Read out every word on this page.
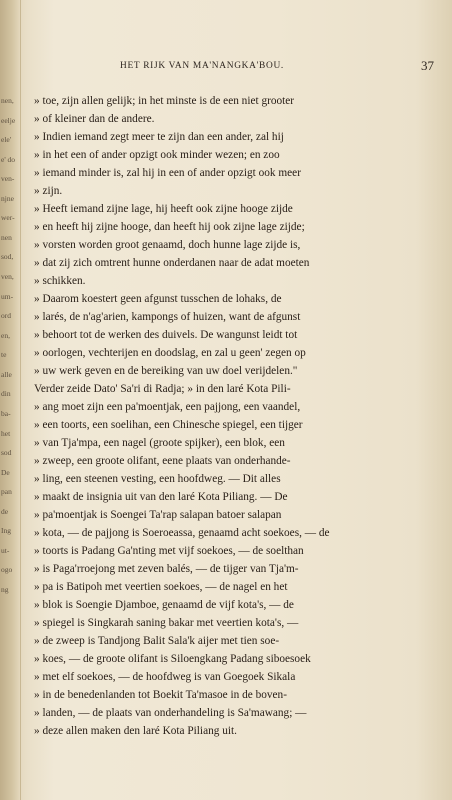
nen,
eelje
ele'
e' do
ven-
njne
wer-
nen
sod,
ven,
um-
ord
en,
te
alle
din
ba-
het
sod
De
pan
de
Ing
ut-
ogo
ng
HET RIJK VAN MA'NANGKA'BOU.	37
» toe, zijn allen gelijk; in het minste is de een niet grooter
» of kleiner dan de andere.
» Indien iemand zegt meer te zijn dan een ander, zal hij
» in het een of ander opzigt ook minder wezen; en zoo
» iemand minder is, zal hij in een of ander opzigt ook meer
» zijn.
» Heeft iemand zijne lage, hij heeft ook zijne hooge zijde
» en heeft hij zijne hooge, dan heeft hij ook zijne lage zijde;
» vorsten worden groot genaamd, doch hunne lage zijde is,
» dat zij zich omtrent hunne onderdanen naar de adat moeten
» schikken.
» Daarom koestert geen afgunst tusschen de lohaks, de
» larés, de n'ag'arien, kampongs of huizen, want de afgunst
» behoort tot de werken des duivels. De wangunst leidt tot
» oorlogen, vechterijen en doodslag, en zal u geen' zegen op
» uw werk geven en de bereiking van uw doel verijdelen."
Verder zeide Dato' Sa'ri di Radja; » in den laré Kota Pili-
» ang moet zijn een pa'moentjak, een pajjong, een vaandel,
» een toorts, een soelihan, een Chinesche spiegel, een tijger
» van Tja'mpa, een nagel (groote spijker), een blok, een
» zweep, een groote olifant, eene plaats van onderhande-
» ling, een steenen vesting, een hoofdweg. — Dit alles
» maakt de insignia uit van den laré Kota Piliang. — De
» pa'moentjak is Soengei Ta'rap salapan batoer salapan
» kota, — de pajjong is Soeroeassa, genaamd acht soekoes, — de
» toorts is Padang Ga'nting met vijf soekoes, — de soelthan
» is Paga'rroejong met zeven balés, — de tijger van Tja'm-
» pa is Batipoh met veertien soekoes, — de nagel en het
» blok is Soengie Djamboe, genaamd de vijf kota's, — de
» spiegel is Singkarah saning bakar met veertien kota's, —
» de zweep is Tandjong Balit Sala'k aijer met tien soe-
» koes, — de groote olifant is Siloengkang Padang siboesoek
» met elf soekoes, — de hoofdweg is van Goegoek Sikala
» in de benedenlanden tot Boekit Ta'masoe in de boven-
» landen, — de plaats van onderhandeling is Sa'mawang; —
» deze allen maken den laré Kota Piliang uit.
